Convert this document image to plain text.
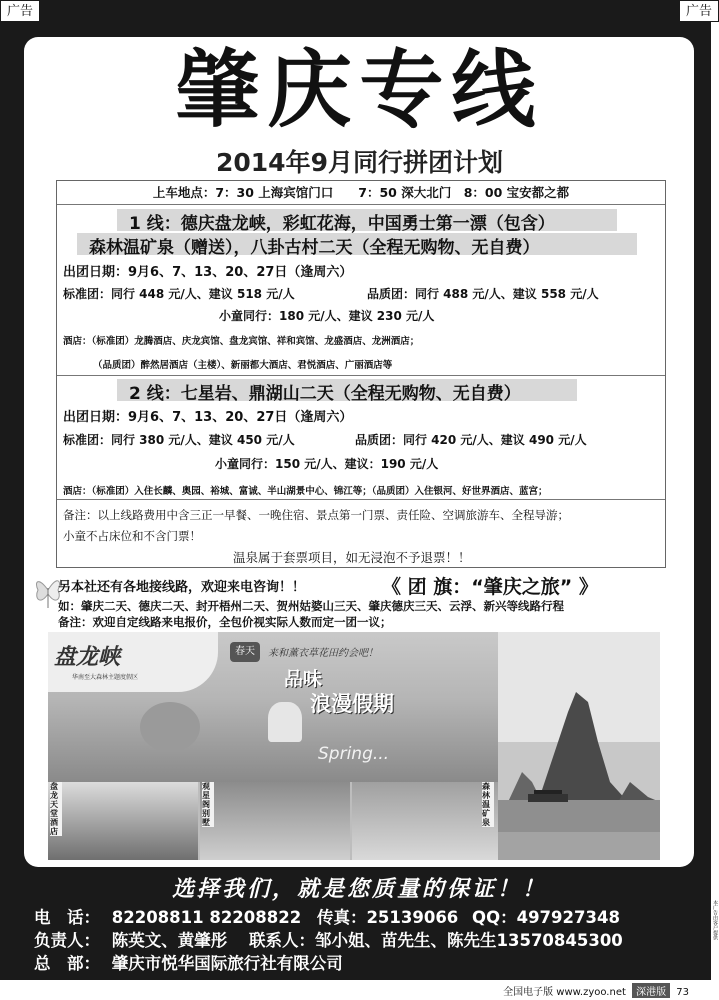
广告	广告
肇庆专线
2014年9月同行拼团计划
上车地点：7：30 上海宾馆门口　　7：50 深大北门　8：00 宝安都之都
1 线：德庆盘龙峡，彩虹花海，中国勇士第一漂（包含）
森林温矿泉（赠送），八卦古村二天（全程无购物、无自费）
出团日期：9月6、7、13、20、27日（逢周六）
标准团：同行 448 元/人、建议 518 元/人	品质团：同行 488 元/人、建议 558 元/人
小童同行：180 元/人、建议 230 元/人
酒店：（标准团）龙腾酒店、庆龙宾馆、盘龙宾馆、祥和宾馆、龙盛酒店、龙洲酒店；
（品质团）醉然居酒店（主楼）、新丽都大酒店、君悦酒店、广丽酒店等
2 线：七星岩、鼎湖山二天（全程无购物、无自费）
出团日期：9月6、7、13、20、27日（逢周六）
标准团：同行 380 元/人、建议 450 元/人	品质团：同行 420 元/人、建议 490 元/人
小童同行：150 元/人、建议：190 元/人
酒店：（标准团）入住长麟、奥园、裕城、富诚、半山湖景中心、锦江等；（品质团）入住银河、好世界酒店、蓝宫；
备注：以上线路费用中含三正一早餐、一晚住宿、景点第一门票、责任险、空调旅游车、全程导游；
小童不占床位和不含门票！
温泉属于套票项目，如无浸泡不予退票！！
另本社还有各地接线路，欢迎来电咨询！！	《 团 旗：“肇庆之旅” 》
如：肇庆二天、德庆二天、封开梧州二天、贺州姑婆山三天、肇庆德庆三天、云浮、新兴等线路行程
备注：欢迎自定线路来电报价，全包价视实际人数而定一团一议；
盘龙峡
华南至大森林主题度假区
春天	来和薰衣草花田约会吧！
品味
浪漫假期
Spring...
盘龙天堂酒店
观星阁别墅
森林温矿泉
选择我们，就是您质量的保证！！
电　话： 82208811 82208822 传真：25139066 QQ：497927348
负责人： 陈英文、黄肇彤 联系人：邹小姐、苗先生、陈先生13570845300
总　部： 肇庆市悦华国际旅行社有限公司
本广告由客户提供
全国电子版 www.zyoo.net 深港版 73
